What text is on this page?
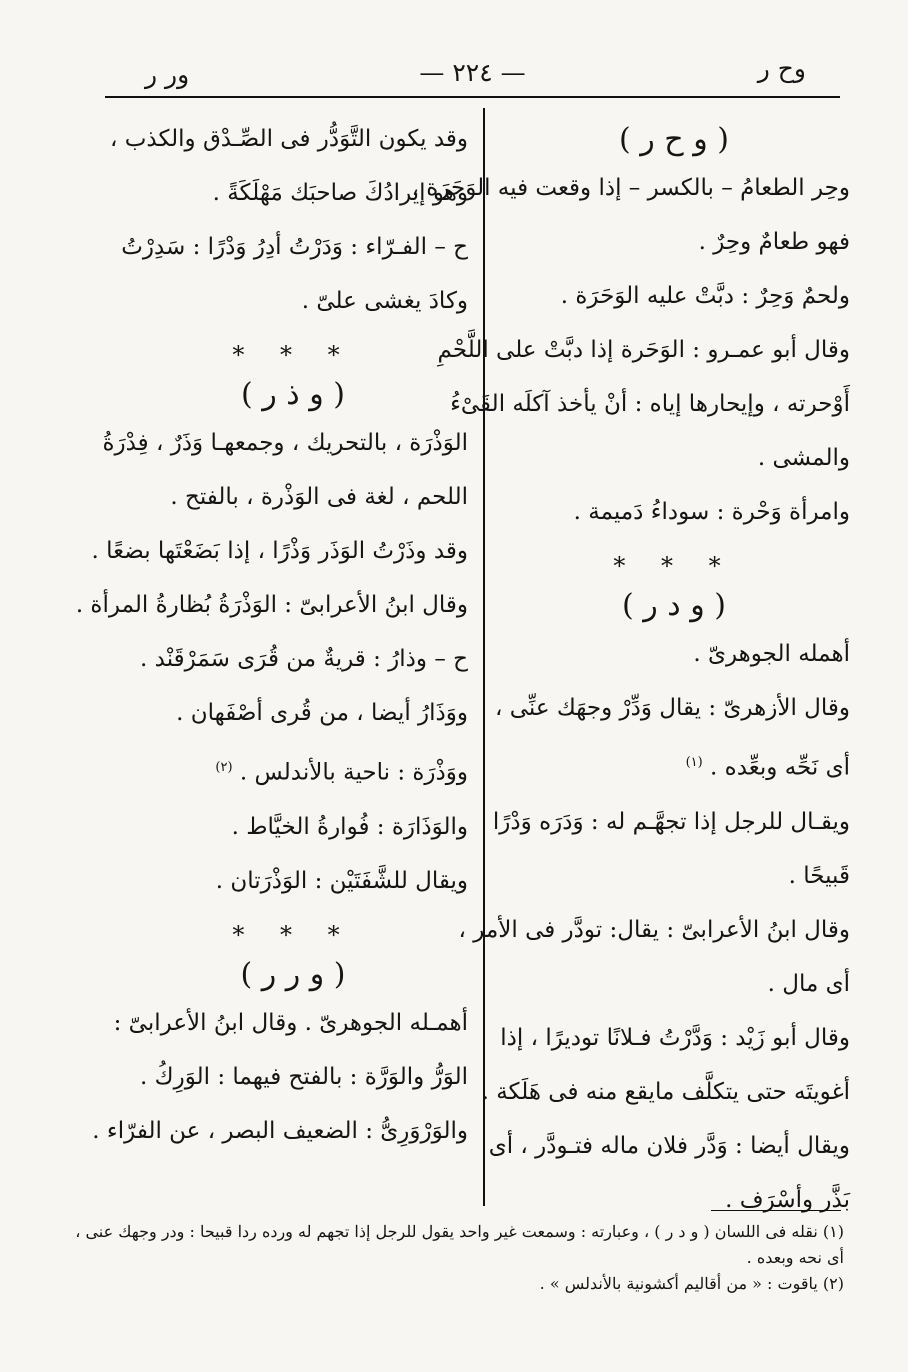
ور ر	— ٢٢٤ —	وح ر
( و ح ر )
وحِر الطعامُ – بالكسر – إذا وقعت فيه الوَحَرَة ،
فهو طعامٌ وحِرٌ .
ولحمٌ وَحِرٌ : دبَّتْ عليه الوَحَرَة .
وقال أبو عمـرو : الوَحَرة إذا دبَّتْ على اللَّحْمِ
أَوْحرته ، وإيحارها إياه : أنْ يأخذ آكلَه القَىْءُ
والمشى .
وامرأة وَحْرة : سوداءُ دَميمة .
* * *
( و د ر )
أهمله الجوهرىّ .
وقال الأزهرىّ : يقال وَدِّرْ وجهَك عنِّى ،
أى نَحِّه وبعِّده . $^{(١)}$
ويقـال للرجل إذا تجهَّـم له : وَدَرَه وَدْرًا
قَبيحًا .
وقال ابنُ الأعرابىّ : يقال: تودَّر فى الأمر ،
أى مال .
وقال أبو زَيْد : وَدَّرْتُ فـلانًا توديرًا ، إذا
أغويتَه حتى يتكلَّف مايقع منه فى هَلَكة .
ويقال أيضا : وَدَّر فلان ماله فتـودَّر ، أى
بَذَّر وأسْرَف .
وقد يكون التَّوَدُّر فى الصِّـدْق والكذب ،
وهو إيرادُكَ صاحبَك مَهْلَكَةً .
ح – الفـرّاء : وَدَرْتُ أدِرُ وَدْرًا : سَدِرْتُ
وكادَ يغشى علىّ .
* * *
( و ذ ر )
الوَذْرَة ، بالتحريك ، وجمعهـا وَذَرٌ ، فِدْرَةُ
اللحم ، لغة فى الوَذْرة ، بالفتح .
وقد وذَرْتُ الوَذَر وَذْرًا ، إذا بَضَعْتَها بضعًا .
وقال ابنُ الأعرابىّ : الوَذْرَةُ بُظارةُ المرأة .
ح – وذارُ : قريةٌ من قُرَى سَمَرْقَنْد .
ووَذَارُ أيضا ، من قُرى أصْفَهان .
ووَذْرَة : ناحية بالأندلس . $^{(٢)}$
والوَذَارَة : فُوارةُ الخيَّاط .
ويقال للشَّفَتَيْن : الوَذْرَتان .
* * *
( و ر ر )
أهمـله الجوهرىّ . وقال ابنُ الأعرابىّ :
الوَرُّ والوَرَّة : بالفتح فيهما : الوَرِكُ .
والوَرْوَرِىُّ : الضعيف البصر ، عن الفرّاء .
(١) نقله فى اللسان ( و د ر ) ، وعبارته : وسمعت غير واحد يقول للرجل إذا تجهم له ورده ردا قبيحا : ودر وجهك عنى ،
أى نحه وبعده .
(٢) ياقوت : « من أقاليم أكشونية بالأندلس » .
